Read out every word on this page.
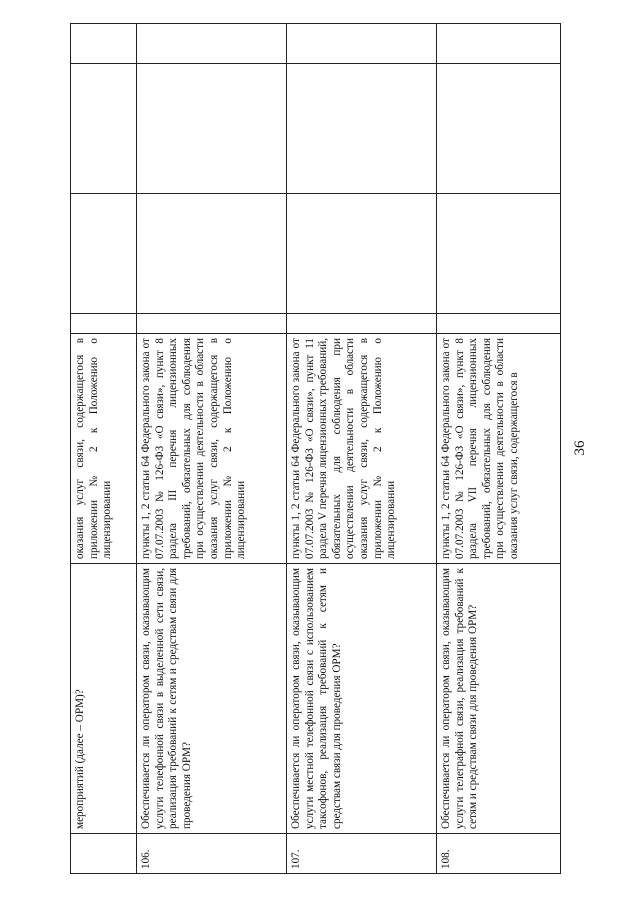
36
	мероприятий (далее – ОРМ)?	оказания услуг связи, содержащегося в приложении № 2 к Положению о лицензировании				
106.	Обеспечивается ли оператором связи, оказывающим услуги телефонной связи в выделенной сети связи, реализация требований к сетям и средствам связи для проведения ОРМ?	пункты 1, 2 статьи 64 Федерального закона от 07.07.2003 № 126-ФЗ «О связи», пункт 8 раздела III перечня лицензионных требований, обязательных для соблюдения при осуществлении деятельности в области оказания услуг связи, содержащегося в приложении № 2 к Положению о лицензировании				
107.	Обеспечивается ли оператором связи, оказывающим услуги местной телефонной связи с использованием таксофонов, реализация требований к сетям и средствам связи для проведения ОРМ?	пункты 1, 2 статьи 64 Федерального закона от 07.07.2003 № 126-ФЗ «О связи», пункт 11 раздела V перечня лицензионных требований, обязательных для соблюдения при осуществлении деятельности в области оказания услуг связи, содержащегося в приложении № 2 к Положению о лицензировании				
108.	Обеспечивается ли оператором связи, оказывающим услуги телеграфной связи, реализация требований к сетям и средствам связи для проведения ОРМ?	пункты 1, 2 статьи 64 Федерального закона от 07.07.2003 № 126-ФЗ «О связи», пункт 8 раздела VII перечня лицензионных требований, обязательных для соблюдения при осуществлении деятельности в области оказания услуг связи, содержащегося в				
